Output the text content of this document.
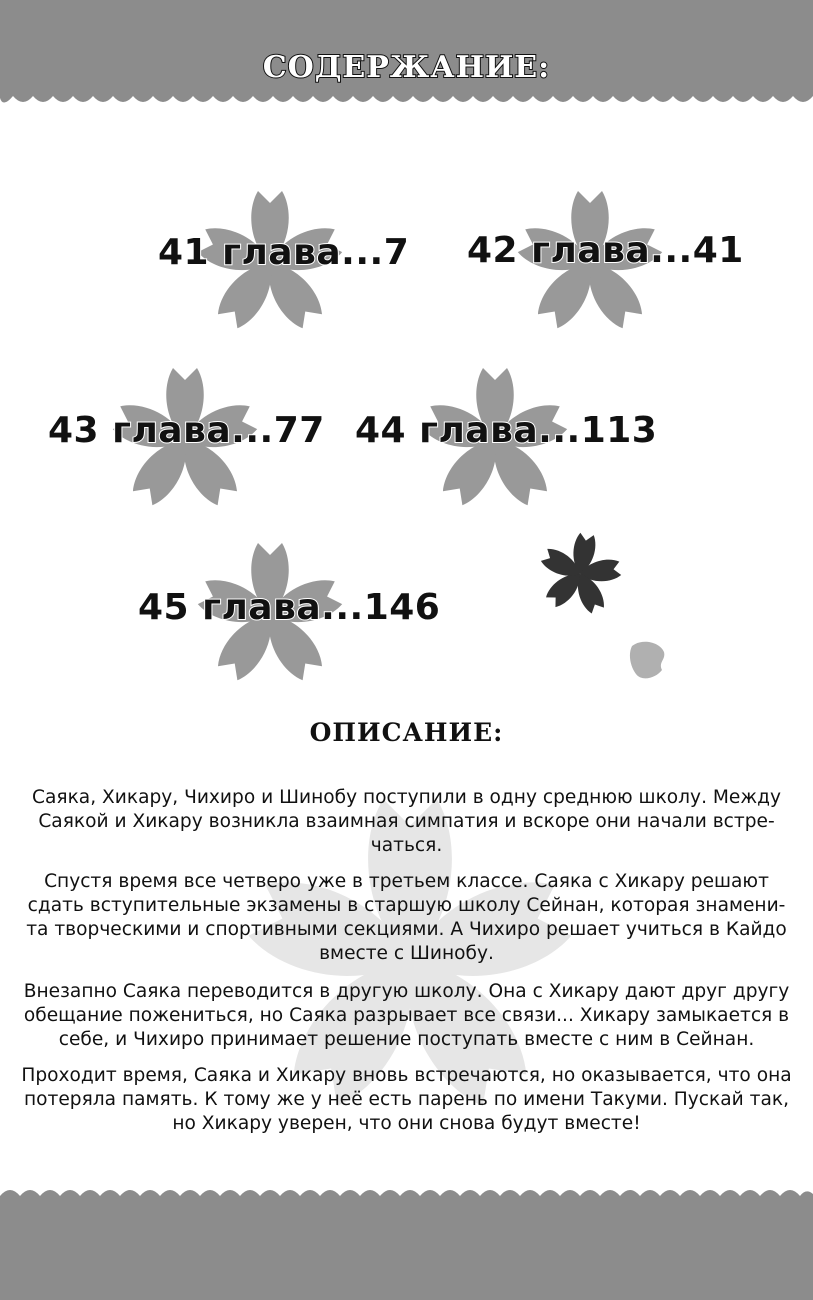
СОДЕРЖАНИЕ:
41 глава...7 42 глава...41
43 глава...77 44 глава...113
45 глава...146
ОПИСАНИЕ:

Саяка, Хикару, Чихиро и Шинобу поступили в одну среднюю школу. Между Саякой и Хикару возникла взаимная симпатия и вскоре они начали встре-чаться.

Спустя время все четверо уже в третьем классе. Саяка с Хикару решают сдать вступительные экзамены в старшую школу Сейнан, которая знамени-та творческими и спортивными секциями. А Чихиро решает учиться в Кайдо вместе с Шинобу.

Внезапно Саяка переводится в другую школу. Она с Хикару дают друг другу обещание пожениться, но Саяка разрывает все связи... Хикару замыкается в себе, и Чихиро принимает решение поступать вместе с ним в Сейнан.

Проходит время, Саяка и Хикару вновь встречаются, но оказывается, что она потеряла память. К тому же у неё есть парень по имени Такуми. Пускай так, но Хикару уверен, что они снова будут вместе!
